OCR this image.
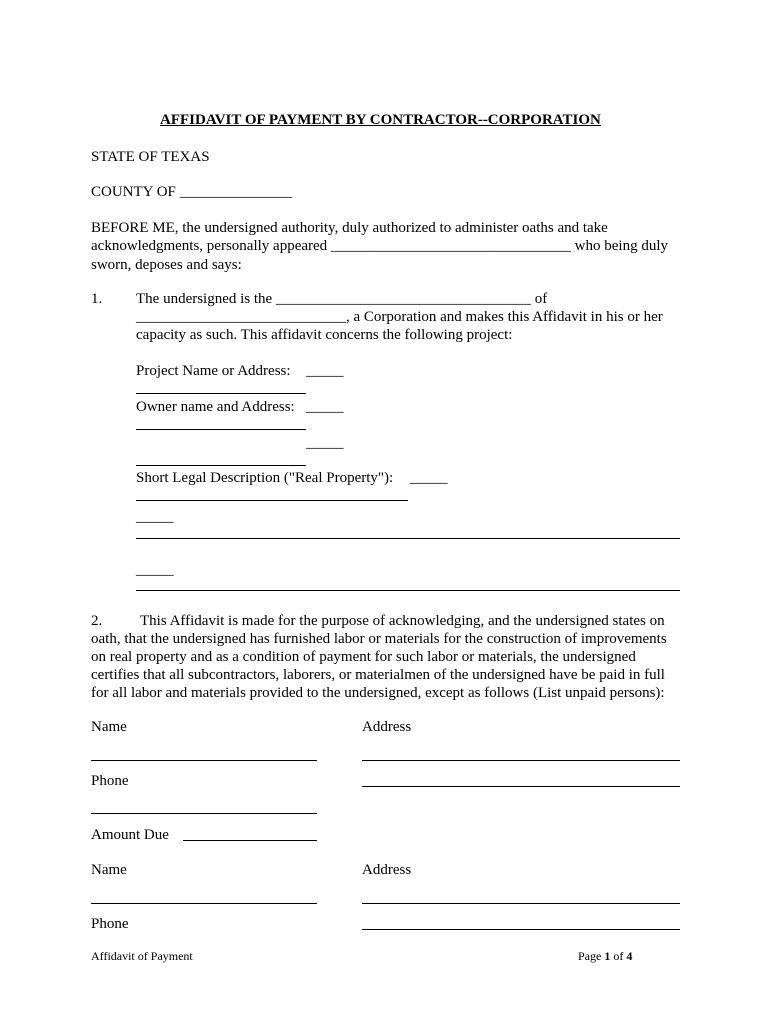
AFFIDAVIT OF PAYMENT BY CONTRACTOR--CORPORATION
STATE OF TEXAS
COUNTY OF _______________
BEFORE ME, the undersigned authority, duly authorized to administer oaths and take
acknowledgments, personally appeared ________________________________ who being duly
sworn, deposes and says:
1. The undersigned is the __________________________________ of
____________________________, a Corporation and makes this Affidavit in his or her
capacity as such. This affidavit concerns the following project:
Project Name or Address: _____
Owner name and Address: _____
_____
Short Legal Description ("Real Property"): _____
_____
_____
2.	This Affidavit is made for the purpose of acknowledging, and the undersigned states on
oath, that the undersigned has furnished labor or materials for the construction of improvements
on real property and as a condition of payment for such labor or materials, the undersigned
certifies that all subcontractors, laborers, or materialmen of the undersigned have be paid in full
for all labor and materials provided to the undersigned, except as follows (List unpaid persons):
Name	Address
Phone
Amount Due
Name	Address
Phone
Affidavit of Payment	Page 1 of 4
